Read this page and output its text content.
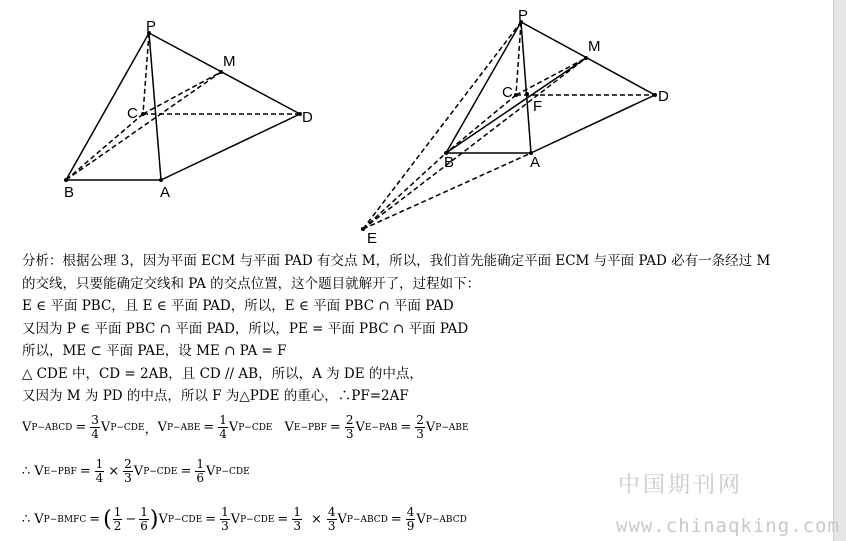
P
M
C	D
B	A
P
M
C
F
D
B	A
E
分析：根据公理 3，因为平面 ECM 与平面 PAD 有交点 M，所以，我们首先能确定平面 ECM 与平面 PAD 必有一条经过 M
的交线，只要能确定交线和 PA 的交点位置，这个题目就解开了，过程如下：
E ∈ 平面 PBC，且 E ∈ 平面 PAD，所以，E ∈ 平面 PBC ∩ 平面 PAD
又因为 P ∈ 平面 PBC ∩ 平面 PAD，所以，PE = 平面 PBC ∩ 平面 PAD
所以，ME ⊂ 平面 PAE，设 ME ∩ PA = F
△ CDE 中，CD = 2AB，且 CD // AB，所以，A 为 DE 的中点，
又因为 M 为 PD 的中点，所以 F 为△PDE 的重心，∴PF=2AF
V P−ABCD = $\frac{3}{4}$ V P−CDE ， V $P-ABE = \frac{1}{4}$ V P−CDE V $E-PBF = \frac{2}{3}$ V $E-PAB = \frac{2}{3}$ V P−ABE
∴ V $E-PBF = \frac{1}{4} \times \frac{2}{3}$ V $P-CDE = \frac{1}{6}$ V P−CDE
∴ V P−BMFC = ( $\frac{1}{2} - \frac{1}{6}$ ) V $P-CDE = \frac{1}{3}$ V $P-CDE = \frac{1}{3} \times \frac{4}{3}$ V P−ABCD = $\frac{4}{9}$ V P−ABCD
中国期刊网
www.chinaqking.com
